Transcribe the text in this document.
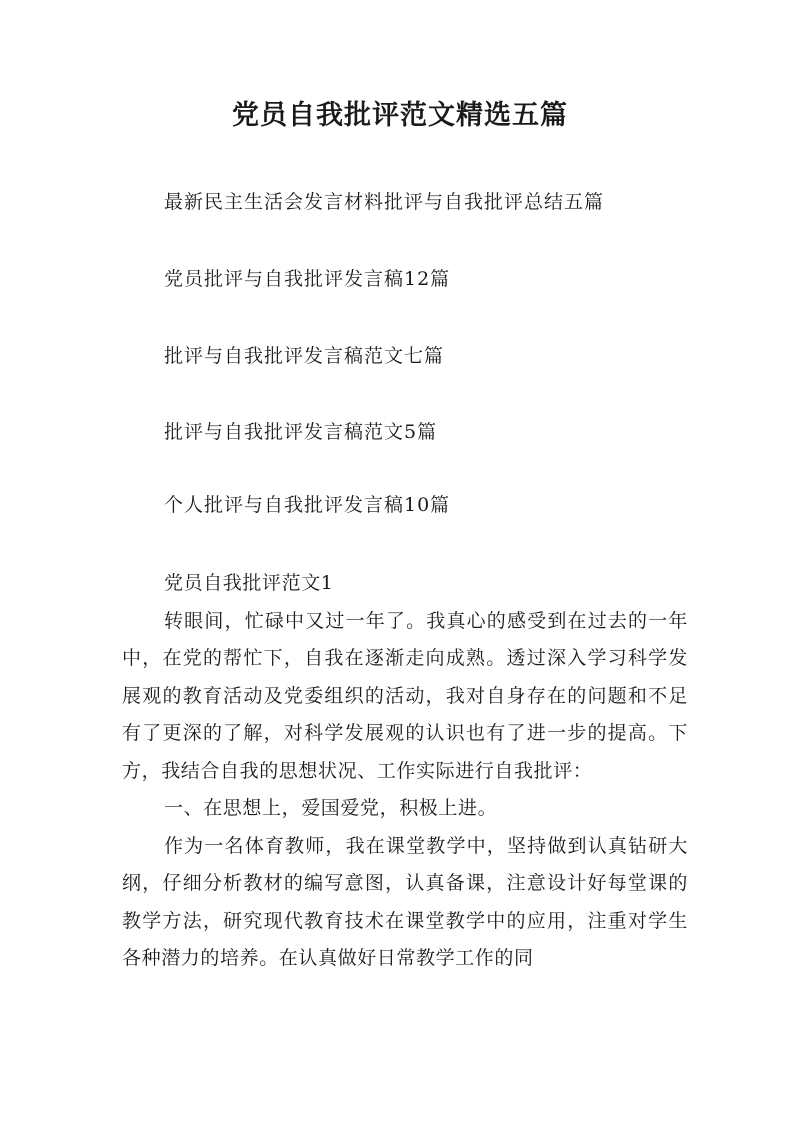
党员自我批评范文精选五篇
最新民主生活会发言材料批评与自我批评总结五篇
党员批评与自我批评发言稿12篇
批评与自我批评发言稿范文七篇
批评与自我批评发言稿范文5篇
个人批评与自我批评发言稿10篇

党员自我批评范文1

转眼间，忙碌中又过一年了。我真心的感受到在过去的一年中，在党的帮忙下，自我在逐渐走向成熟。透过深入学习科学发展观的教育活动及党委组织的活动，我对自身存在的问题和不足有了更深的了解，对科学发展观的认识也有了进一步的提高。下方，我结合自我的思想状况、工作实际进行自我批评：

一、在思想上，爱国爱党，积极上进。

作为一名体育教师，我在课堂教学中，坚持做到认真钻研大纲，仔细分析教材的编写意图，认真备课，注意设计好每堂课的教学方法，研究现代教育技术在课堂教学中的应用，注重对学生各种潜力的培养。在认真做好日常教学工作的同
